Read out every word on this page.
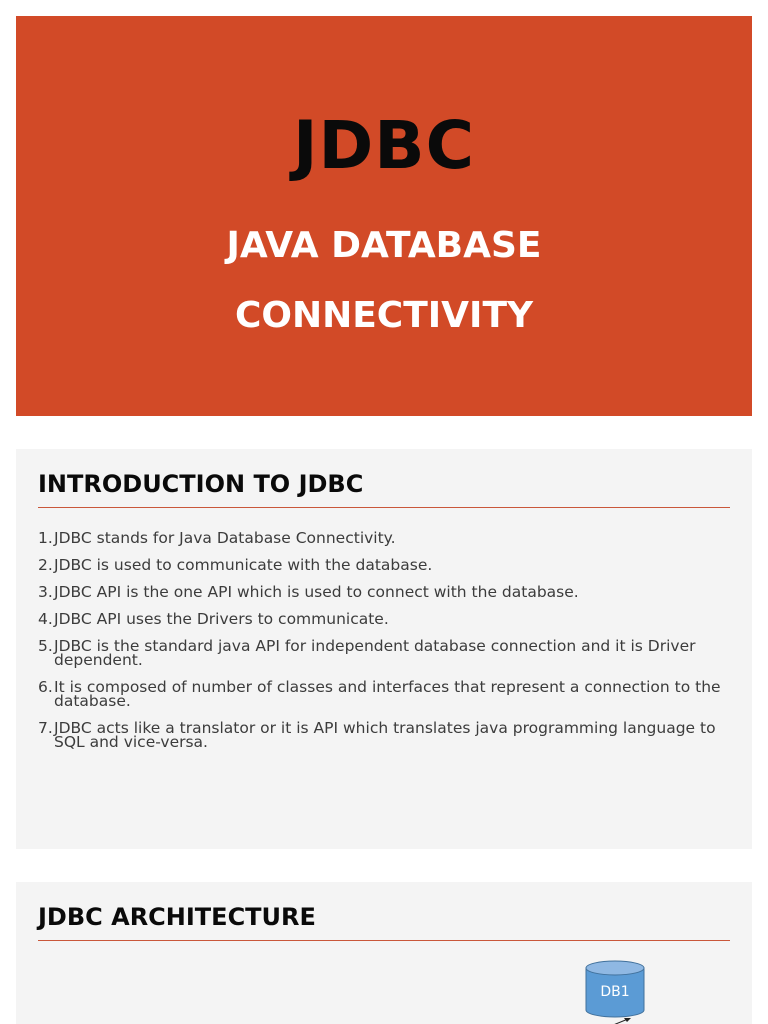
JDBC
JAVA DATABASE
CONNECTIVITY
INTRODUCTION TO JDBC
1. JDBC stands for Java Database Connectivity.
2. JDBC is used to communicate with the database.
3. JDBC API is the one API which is used to connect with the database.
4. JDBC API uses the Drivers to communicate.
5. JDBC is the standard java API for independent database connection and it is Driver dependent.
6. It is composed of number of classes and interfaces that represent a connection to the database.
7. JDBC acts like a translator or it is API which translates java programming language to SQL and vice-versa.
JDBC ARCHITECTURE
DB1
